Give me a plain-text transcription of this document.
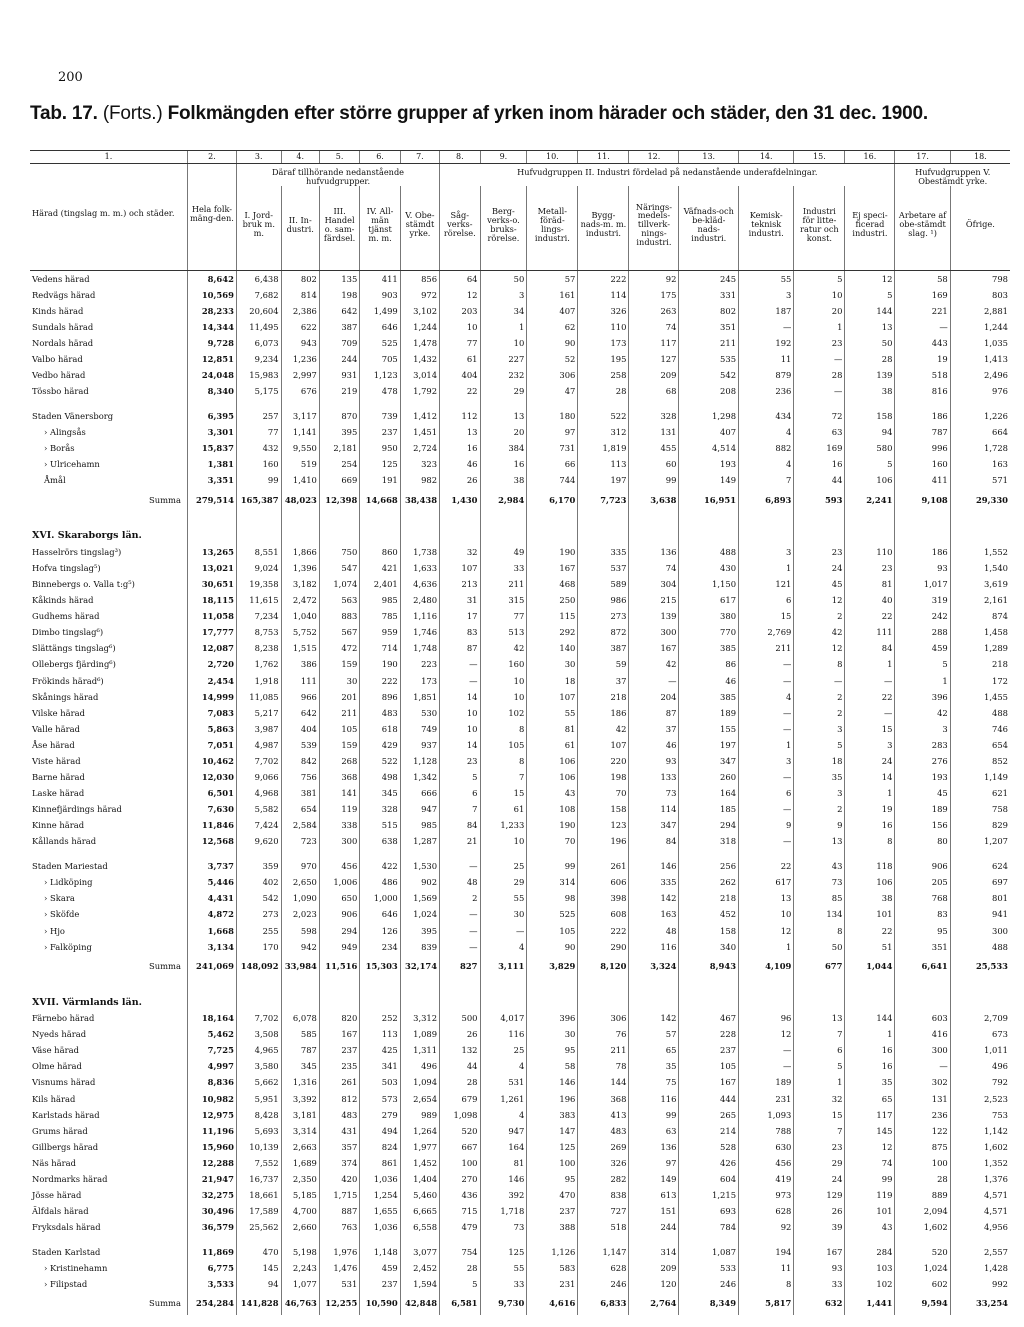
200
Tab. 17. (Forts.) Folkmängden efter större grupper af yrken inom härader och städer, den 31 dec. 1900.
1.	2.	3.	4.	5.	6.	7.	8.	9.	10.	11.	12.	13.	14.	15.	16.	17.	18.
Härad (tingslag m. m.) och städer.	Hela folk-mäng-den.	Däraf tillhörande nedanstående hufvudgrupper.					Hufvudgruppen II. Industri fördelad på nedanstående underafdelningar.									Hufvudgruppen V. Obestämdt yrke.	
		I. Jord-bruk m. m.	II. In-dustri.	III. Handel o. sam-färdsel.	IV. All-män tjänst m. m.	V. Obe-stämdt yrke.	Såg-verks-rörelse.	Berg-verks-o. bruks-rörelse.	Metall-föräd-lings-industri.	Bygg-nads-m. m. industri.	Närings-medels-tillverk-nings-industri.	Väfnads-och be-kläd-nads-industri.	Kemisk-teknisk industri.	Industri för litte-ratur och konst.	Ej speci-ficerad industri.	Arbetare af obe-stämdt slag. ¹)	Öfrige.

Vedens härad	8,642	6,438	802	135	411	856	64	50	57	222	92	245	55	5	12	58	798
Redvägs härad	10,569	7,682	814	198	903	972	12	3	161	114	175	331	3	10	5	169	803
Kinds härad	28,233	20,604	2,386	642	1,499	3,102	203	34	407	326	263	802	187	20	144	221	2,881
Sundals härad	14,344	11,495	622	387	646	1,244	10	1	62	110	74	351	—	1	13	—	1,244
Nordals härad	9,728	6,073	943	709	525	1,478	77	10	90	173	117	211	192	23	50	443	1,035
Valbo härad	12,851	9,234	1,236	244	705	1,432	61	227	52	195	127	535	11	—	28	19	1,413
Vedbo härad	24,048	15,983	2,997	931	1,123	3,014	404	232	306	258	209	542	879	28	139	518	2,496
Tössbo härad	8,340	5,175	676	219	478	1,792	22	29	47	28	68	208	236	—	38	816	976

Staden Vänersborg	6,395	257	3,117	870	739	1,412	112	13	180	522	328	1,298	434	72	158	186	1,226
› Alingsås	3,301	77	1,141	395	237	1,451	13	20	97	312	131	407	4	63	94	787	664
› Borås	15,837	432	9,550	2,181	950	2,724	16	384	731	1,819	455	4,514	882	169	580	996	1,728
› Ulricehamn	1,381	160	519	254	125	323	46	16	66	113	60	193	4	16	5	160	163
Åmål	3,351	99	1,410	669	191	982	26	38	744	197	99	149	7	44	106	411	571
Summa	279,514	165,387	48,023	12,398	14,668	38,438	1,430	2,984	6,170	7,723	3,638	16,951	6,893	593	2,241	9,108	29,330
XVI. Skaraborgs län.																	
Hasselrörs tingslag³)	13,265	8,551	1,866	750	860	1,738	32	49	190	335	136	488	3	23	110	186	1,552
Hofva tingslag⁵)	13,021	9,024	1,396	547	421	1,633	107	33	167	537	74	430	1	24	23	93	1,540
Binnebergs o. Valla t:g⁵)	30,651	19,358	3,182	1,074	2,401	4,636	213	211	468	589	304	1,150	121	45	81	1,017	3,619
Kåkinds härad	18,115	11,615	2,472	563	985	2,480	31	315	250	986	215	617	6	12	40	319	2,161
Gudhems härad	11,058	7,234	1,040	883	785	1,116	17	77	115	273	139	380	15	2	22	242	874
Dimbo tingslag⁶)	17,777	8,753	5,752	567	959	1,746	83	513	292	872	300	770	2,769	42	111	288	1,458
Slättängs tingslag⁶)	12,087	8,238	1,515	472	714	1,748	87	42	140	387	167	385	211	12	84	459	1,289
Ollebergs fjärding⁶)	2,720	1,762	386	159	190	223	—	160	30	59	42	86	—	8	1	5	218
Frökinds härad⁶)	2,454	1,918	111	30	222	173	—	10	18	37	—	46	—	—	—	1	172
Skånings härad	14,999	11,085	966	201	896	1,851	14	10	107	218	204	385	4	2	22	396	1,455
Vilske härad	7,083	5,217	642	211	483	530	10	102	55	186	87	189	—	2	—	42	488
Valle härad	5,863	3,987	404	105	618	749	10	8	81	42	37	155	—	3	15	3	746
Åse härad	7,051	4,987	539	159	429	937	14	105	61	107	46	197	1	5	3	283	654
Viste härad	10,462	7,702	842	268	522	1,128	23	8	106	220	93	347	3	18	24	276	852
Barne härad	12,030	9,066	756	368	498	1,342	5	7	106	198	133	260	—	35	14	193	1,149
Laske härad	6,501	4,968	381	141	345	666	6	15	43	70	73	164	6	3	1	45	621
Kinnefjärdings härad	7,630	5,582	654	119	328	947	7	61	108	158	114	185	—	2	19	189	758
Kinne härad	11,846	7,424	2,584	338	515	985	84	1,233	190	123	347	294	9	9	16	156	829
Kållands härad	12,568	9,620	723	300	638	1,287	21	10	70	196	84	318	—	13	8	80	1,207

Staden Mariestad	3,737	359	970	456	422	1,530	—	25	99	261	146	256	22	43	118	906	624
› Lidköping	5,446	402	2,650	1,006	486	902	48	29	314	606	335	262	617	73	106	205	697
› Skara	4,431	542	1,090	650	1,000	1,569	2	55	98	398	142	218	13	85	38	768	801
› Sköfde	4,872	273	2,023	906	646	1,024	—	30	525	608	163	452	10	134	101	83	941
› Hjo	1,668	255	598	294	126	395	—	—	105	222	48	158	12	8	22	95	300
› Falköping	3,134	170	942	949	234	839	—	4	90	290	116	340	1	50	51	351	488
Summa	241,069	148,092	33,984	11,516	15,303	32,174	827	3,111	3,829	8,120	3,324	8,943	4,109	677	1,044	6,641	25,533
XVII. Värmlands län.																	
Färnebo härad	18,164	7,702	6,078	820	252	3,312	500	4,017	396	306	142	467	96	13	144	603	2,709
Nyeds härad	5,462	3,508	585	167	113	1,089	26	116	30	76	57	228	12	7	1	416	673
Väse härad	7,725	4,965	787	237	425	1,311	132	25	95	211	65	237	—	6	16	300	1,011
Olme härad	4,997	3,580	345	235	341	496	44	4	58	78	35	105	—	5	16	—	496
Visnums härad	8,836	5,662	1,316	261	503	1,094	28	531	146	144	75	167	189	1	35	302	792
Kils härad	10,982	5,951	3,392	812	573	2,654	679	1,261	196	368	116	444	231	32	65	131	2,523
Karlstads härad	12,975	8,428	3,181	483	279	989	1,098	4	383	413	99	265	1,093	15	117	236	753
Grums härad	11,196	5,693	3,314	431	494	1,264	520	947	147	483	63	214	788	7	145	122	1,142
Gillbergs härad	15,960	10,139	2,663	357	824	1,977	667	164	125	269	136	528	630	23	12	875	1,602
Näs härad	12,288	7,552	1,689	374	861	1,452	100	81	100	326	97	426	456	29	74	100	1,352
Nordmarks härad	21,947	16,737	2,350	420	1,036	1,404	270	146	95	282	149	604	419	24	99	28	1,376
Jösse härad	32,275	18,661	5,185	1,715	1,254	5,460	436	392	470	838	613	1,215	973	129	119	889	4,571
Älfdals härad	30,496	17,589	4,700	887	1,655	6,665	715	1,718	237	727	151	693	628	26	101	2,094	4,571
Fryksdals härad	36,579	25,562	2,660	763	1,036	6,558	479	73	388	518	244	784	92	39	43	1,602	4,956

Staden Karlstad	11,869	470	5,198	1,976	1,148	3,077	754	125	1,126	1,147	314	1,087	194	167	284	520	2,557
› Kristinehamn	6,775	145	2,243	1,476	459	2,452	28	55	583	628	209	533	11	93	103	1,024	1,428
› Filipstad	3,533	94	1,077	531	237	1,594	5	33	231	246	120	246	8	33	102	602	992
Summa	254,284	141,828	46,763	12,255	10,590	42,848	6,581	9,730	4,616	6,833	2,764	8,349	5,817	632	1,441	9,594	33,254
